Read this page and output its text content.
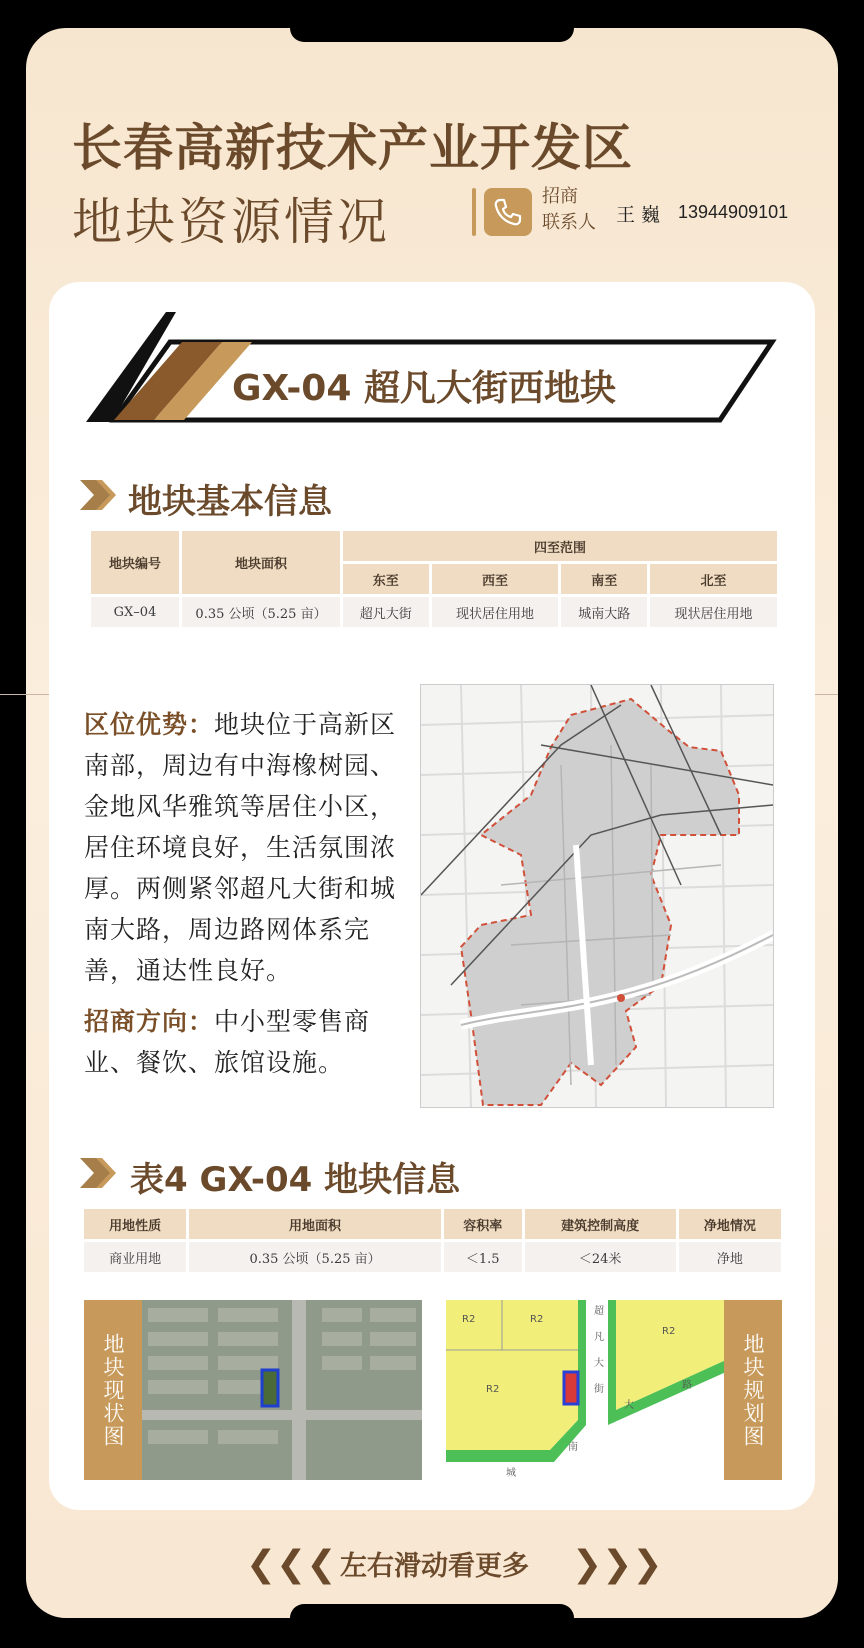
长春高新技术产业开发区
地块资源情况	招商
联系人 王 巍 13944909101
GX-04 超凡大街西地块
地块基本信息
地块编号	地块面积	四至范围			
		东至	西至	南至	北至
GX–04	0.35 公顷（5.25 亩）	超凡大街	现状居住用地	城南大路	现状居住用地

区位优势：地块位于高新区南部，周边有中海橡树园、金地风华雅筑等居住小区，居住环境良好，生活氛围浓厚。两侧紧邻超凡大街和城南大路，周边路网体系完善，通达性良好。

招商方向：中小型零售商业、餐饮、旅馆设施。

表4 GX-04 地块信息
用地性质	用地面积	容积率	建筑控制高度	净地情况
商业用地	0.35 公顷（5.25 亩）	＜1.5	＜24米	净地
地块现状图
R2	R2
R2
R2
超
凡
大
街
城
南
大
路	地块规划图
❮❮❮ 左右滑动看更多 ❯❯❯
